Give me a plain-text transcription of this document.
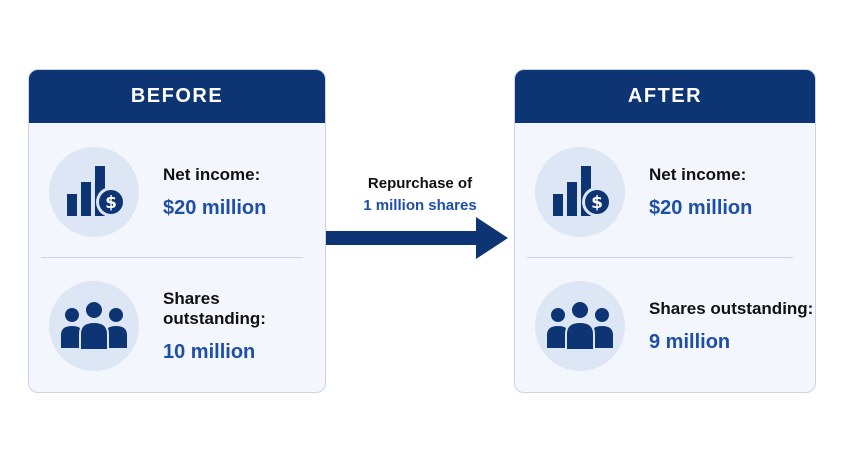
BEFORE
$
Net income:
$20 million
Shares outstanding:
10 million
Repurchase of
1 million shares
AFTER
$
Net income:
$20 million
Shares outstanding:
9 million
